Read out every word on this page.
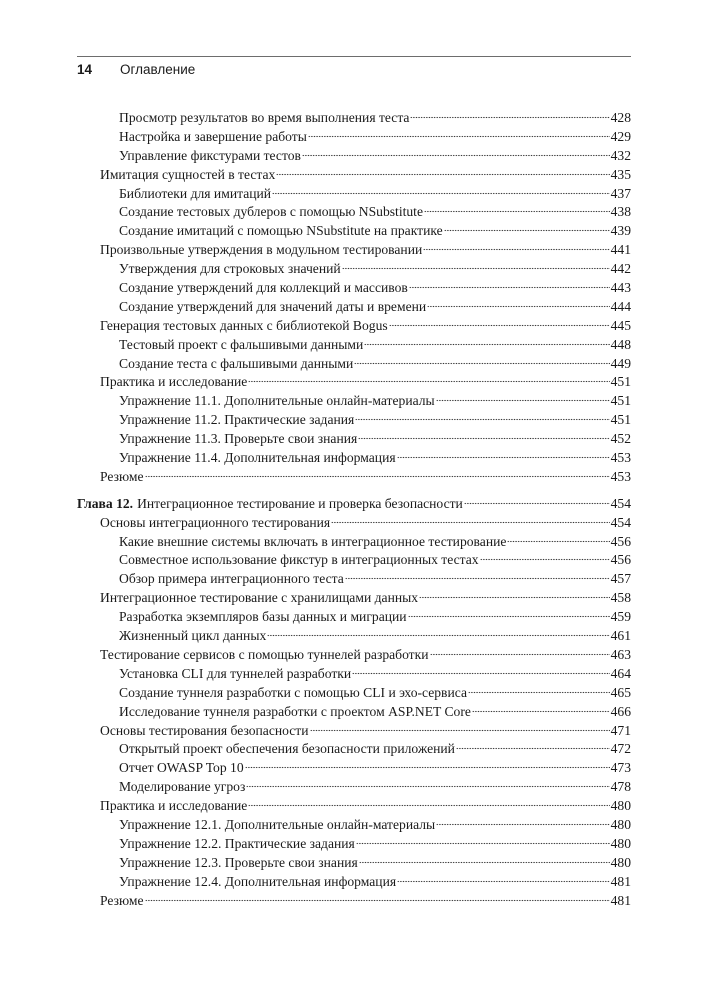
14 Оглавление
Просмотр результатов во время выполнения теста	428
Настройка и завершение работы	429
Управление фикстурами тестов	432
Имитация сущностей в тестах	435
Библиотеки для имитаций	437
Создание тестовых дублеров с помощью NSubstitute	438
Создание имитаций с помощью NSubstitute на практике	439
Произвольные утверждения в модульном тестировании	441
Утверждения для строковых значений	442
Создание утверждений для коллекций и массивов	443
Создание утверждений для значений даты и времени	444
Генерация тестовых данных с библиотекой Bogus	445
Тестовый проект с фальшивыми данными	448
Создание теста с фальшивыми данными	449
Практика и исследование	451
Упражнение 11.1. Дополнительные онлайн-материалы	451
Упражнение 11.2. Практические задания	451
Упражнение 11.3. Проверьте свои знания	452
Упражнение 11.4. Дополнительная информация	453
Резюме	453
Глава 12. Интеграционное тестирование и проверка безопасности	454
Основы интеграционного тестирования	454
Какие внешние системы включать в интеграционное тестирование	456
Совместное использование фикстур в интеграционных тестах	456
Обзор примера интеграционного теста	457
Интеграционное тестирование с хранилищами данных	458
Разработка экземпляров базы данных и миграции	459
Жизненный цикл данных	461
Тестирование сервисов с помощью туннелей разработки	463
Установка CLI для туннелей разработки	464
Создание туннеля разработки с помощью CLI и эхо-сервиса	465
Исследование туннеля разработки с проектом ASP.NET Core	466
Основы тестирования безопасности	471
Открытый проект обеспечения безопасности приложений	472
Отчет OWASP Top 10	473
Моделирование угроз	478
Практика и исследование	480
Упражнение 12.1. Дополнительные онлайн-материалы	480
Упражнение 12.2. Практические задания	480
Упражнение 12.3. Проверьте свои знания	480
Упражнение 12.4. Дополнительная информация	481
Резюме	481
